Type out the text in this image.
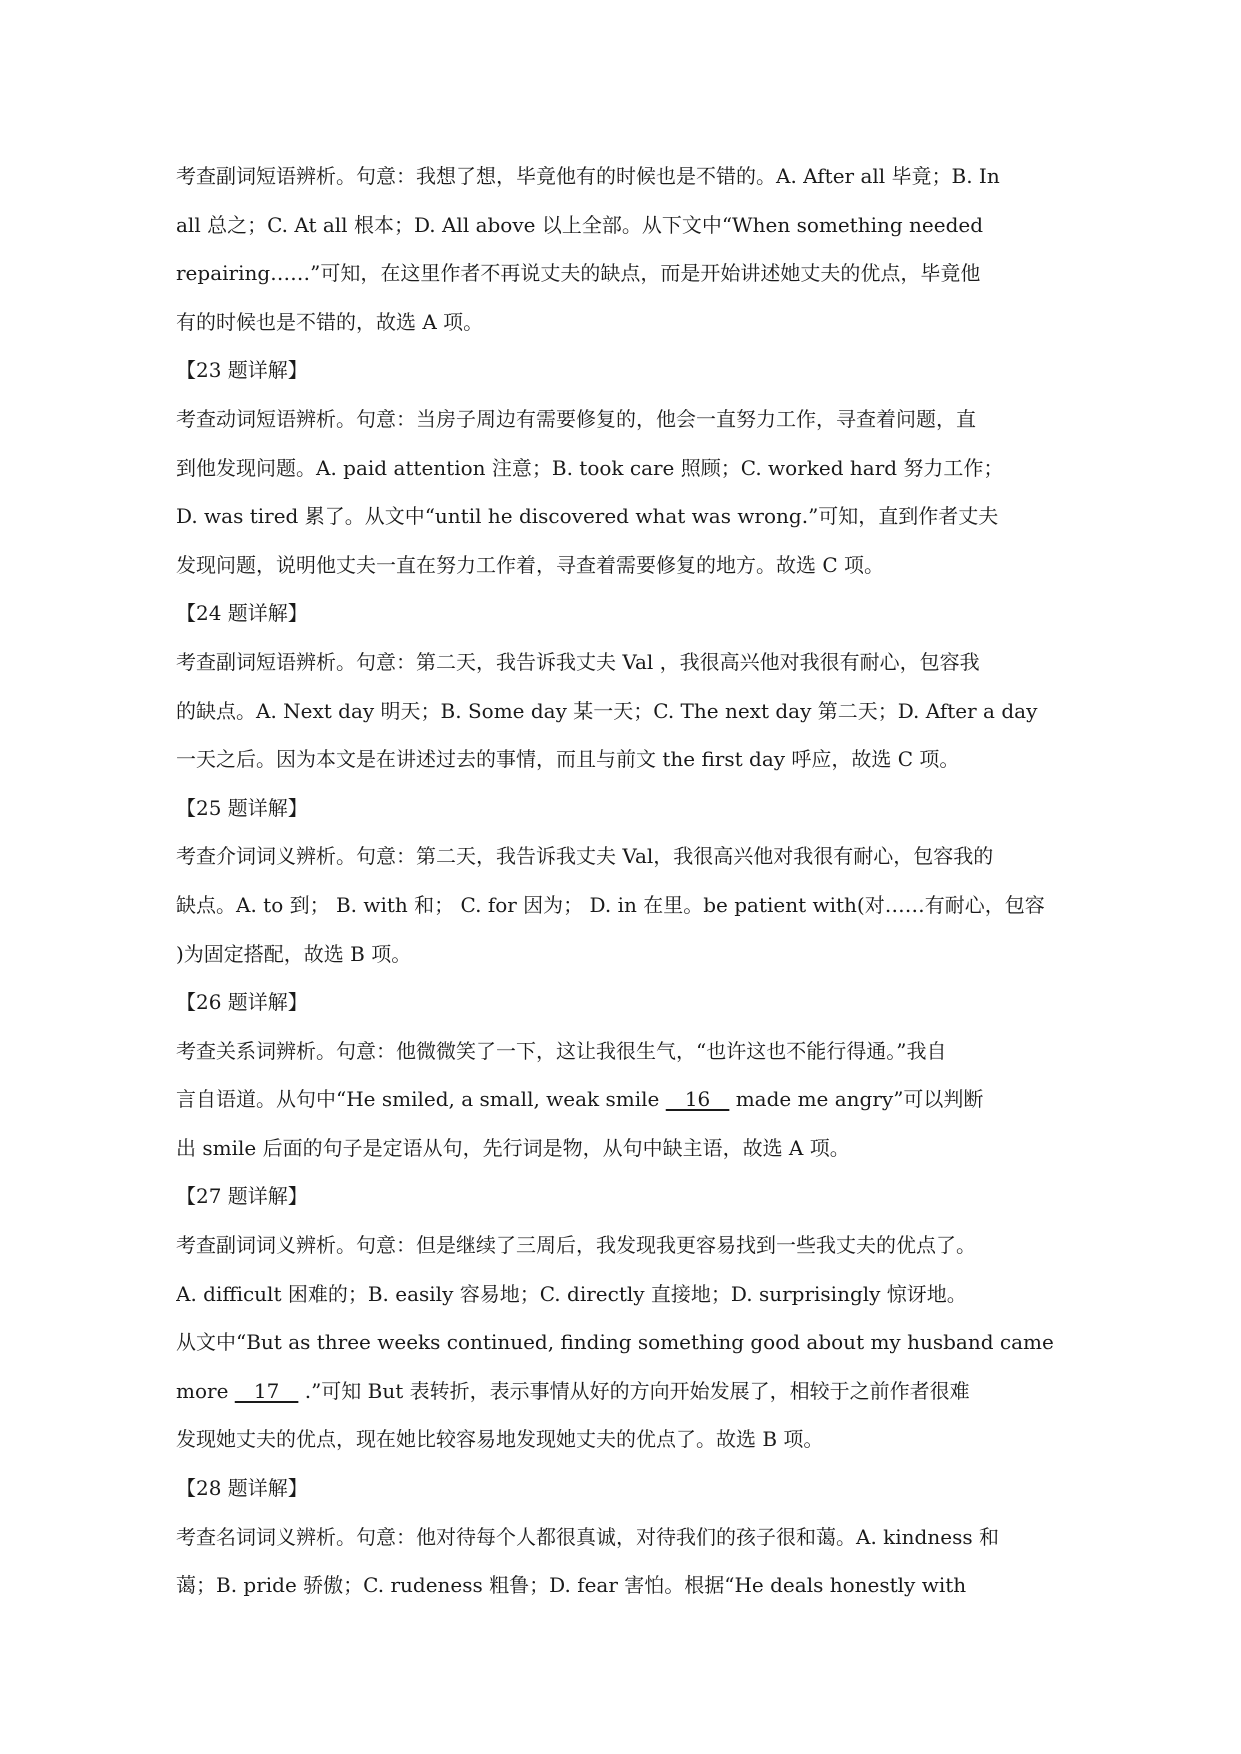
考查副词短语辨析。句意：我想了想，毕竟他有的时候也是不错的。A. After all 毕竟；B. In
all 总之；C. At all 根本；D. All above 以上全部。从下文中“When something needed
repairing……”可知，在这里作者不再说丈夫的缺点，而是开始讲述她丈夫的优点，毕竟他
有的时候也是不错的，故选 A 项。
【23 题详解】
考查动词短语辨析。句意：当房子周边有需要修复的，他会一直努力工作，寻查着问题，直
到他发现问题。A. paid attention 注意；B. took care 照顾；C. worked hard 努力工作；
D. was tired 累了。从文中“until he discovered what was wrong.”可知，直到作者丈夫
发现问题，说明他丈夫一直在努力工作着，寻查着需要修复的地方。故选 C 项。
【24 题详解】
考查副词短语辨析。句意：第二天，我告诉我丈夫 Val ，我很高兴他对我很有耐心，包容我
的缺点。A. Next day 明天；B. Some day 某一天；C. The next day 第二天；D. After a day
一天之后。因为本文是在讲述过去的事情，而且与前文 the first day 呼应，故选 C 项。
【25 题详解】
考查介词词义辨析。句意：第二天，我告诉我丈夫 Val，我很高兴他对我很有耐心，包容我的
缺点。A. to 到； B. with 和； C. for 因为； D. in 在里。be patient with(对……有耐心，包容
)为固定搭配，故选 B 项。
【26 题详解】
考查关系词辨析。句意：他微微笑了一下，这让我很生气，“也许这也不能行得通。”我自
言自语道。从句中“He smiled, a small, weak smile    16    made me angry”可以判断
出 smile 后面的句子是定语从句，先行词是物，从句中缺主语，故选 A 项。
【27 题详解】
考查副词词义辨析。句意：但是继续了三周后，我发现我更容易找到一些我丈夫的优点了。
A. difficult 困难的；B. easily 容易地；C. directly 直接地；D. surprisingly 惊讶地。
从文中“But as three weeks continued, finding something good about my husband came
more    17    .”可知 But 表转折，表示事情从好的方向开始发展了，相较于之前作者很难
发现她丈夫的优点，现在她比较容易地发现她丈夫的优点了。故选 B 项。
【28 题详解】
考查名词词义辨析。句意：他对待每个人都很真诚，对待我们的孩子很和蔼。A. kindness 和
蔼；B. pride 骄傲；C. rudeness 粗鲁；D. fear 害怕。根据“He deals honestly with
